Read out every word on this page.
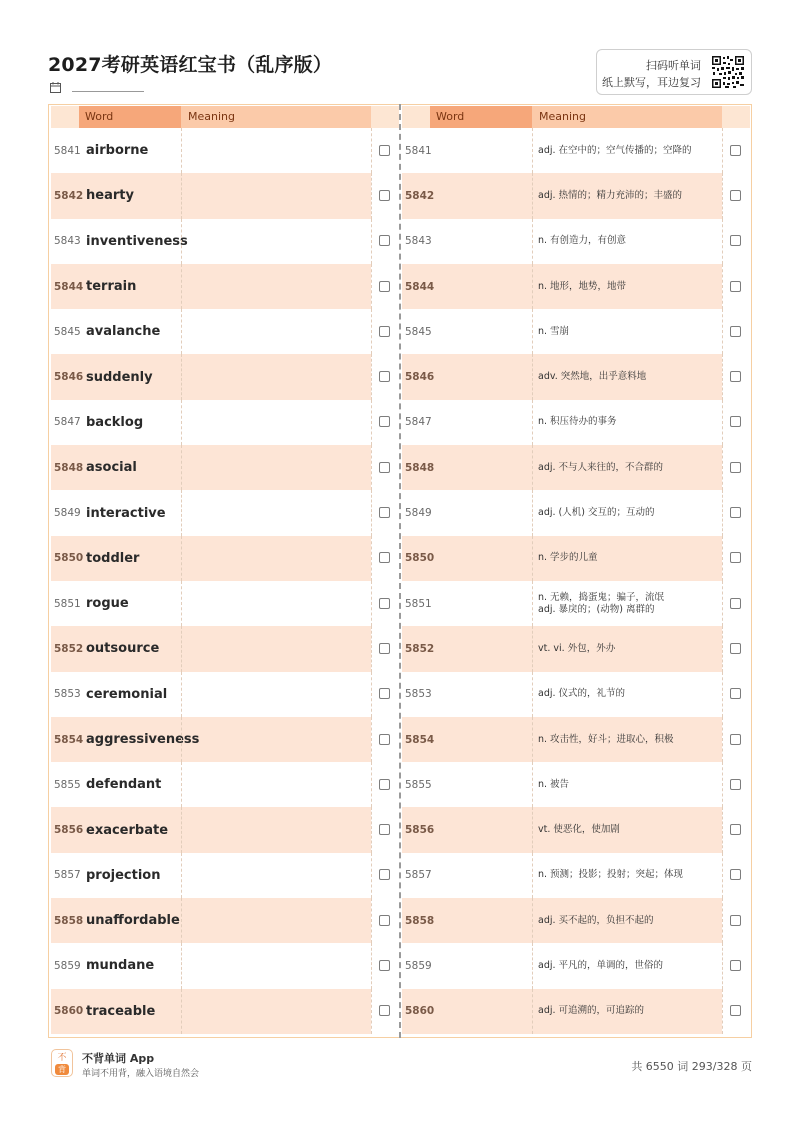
2027考研英语红宝书（乱序版）	扫码听单词
纸上默写，耳边复习
Word	Meaning
5841 airborne
5842 hearty
5843 inventiveness
5844 terrain
5845 avalanche
5846 suddenly
5847 backlog
5848 asocial
5849 interactive
5850 toddler
5851 rogue
5852 outsource
5853 ceremonial
5854 aggressiveness
5855 defendant
5856 exacerbate
5857 projection
5858 unaffordable
5859 mundane
5860 traceable
Word	Meaning
5841	adj. 在空中的；空气传播的；空降的
5842	adj. 热情的；精力充沛的；丰盛的
5843	n. 有创造力，有创意
5844	n. 地形，地势，地带
5845	n. 雪崩
5846	adv. 突然地，出乎意料地
5847	n. 积压待办的事务
5848	adj. 不与人来往的，不合群的
5849	adj. (人机) 交互的；互动的
5850	n. 学步的儿童
5851
n. 无赖，捣蛋鬼；骗子，流氓
adj. 暴戾的；(动物) 离群的
5852	vt. vi. 外包，外办
5853	adj. 仪式的，礼节的
5854	n. 攻击性，好斗；进取心，积极
5855	n. 被告
5856	vt. 使恶化，使加剧
5857	n. 预测；投影；投射；突起；体现
5858	adj. 买不起的，负担不起的
5859	adj. 平凡的，单调的，世俗的
5860	adj. 可追溯的，可追踪的
不
背
不背单词 App
单词不用背，融入语境自然会
共 6550 词 293/328 页
